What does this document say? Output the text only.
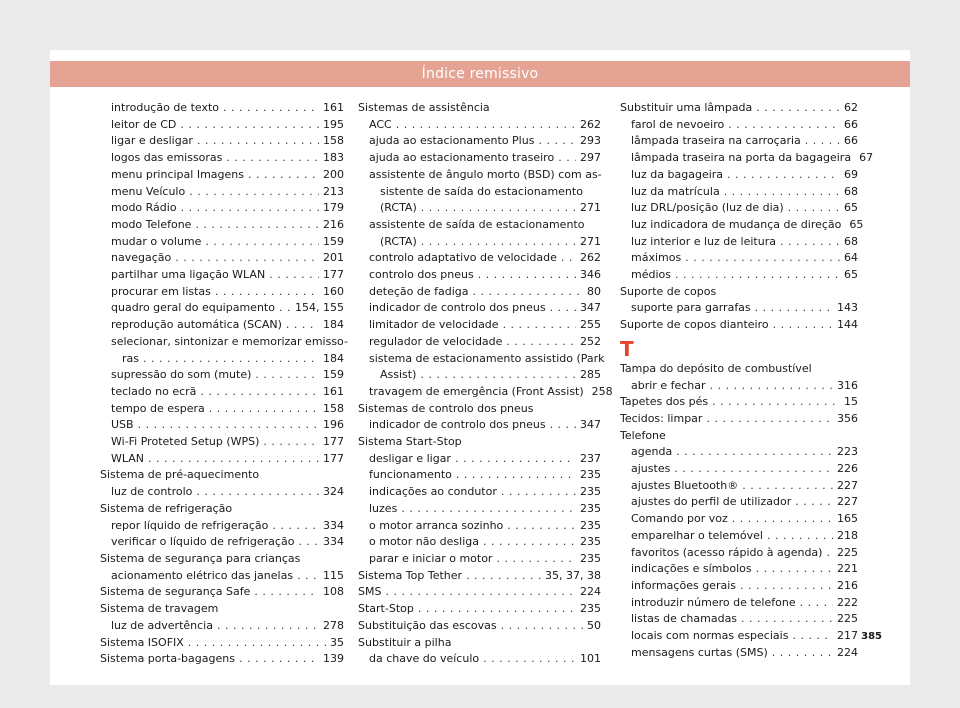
Índice remissivo
introdução de texto . . .	161
leitor de CD . . .	195
ligar e desligar . . .	158
logos das emissoras . . .	183
menu principal Imagens . . .	200
menu Veículo . . .	213
modo Rádio . . .	179
modo Telefone . . .	216
mudar o volume . . .	159
navegação . . .	201
partilhar uma ligação WLAN . . .	177
procurar em listas . . .	160
quadro geral do equipamento . . . 154, 155
reprodução automática (SCAN) . . .	184
selecionar, sintonizar e memorizar emisso-
ras . . .	184
supressão do som (mute) . . .	159
teclado no ecrã . . .	161
tempo de espera . . .	158
USB . . .	196
Wi-Fi Proteted Setup (WPS) . . .	177
WLAN . . .	177
Sistema de pré-aquecimento
luz de controlo . . .	324
Sistema de refrigeração
repor líquido de refrigeração . . .	334
verificar o líquido de refrigeração . . .	334
Sistema de segurança para crianças
acionamento elétrico das janelas . . .	115
Sistema de segurança Safe . . .	108
Sistema de travagem
luz de advertência . . .	278
Sistema ISOFIX . . .	35
Sistema porta-bagagens . . .	139
Sistemas de assistência
ACC . . .	262
ajuda ao estacionamento Plus . . .	293
ajuda ao estacionamento traseiro . . . 297
assistente de ângulo morto (BSD) com as-
sistente de saída do estacionamento
(RCTA) . . .	271
assistente de saída de estacionamento
(RCTA) . . .	271
controlo adaptativo de velocidade . . . 262
controlo dos pneus . . .	346
deteção de fadiga . . .	80
indicador de controlo dos pneus . . .	347
limitador de velocidade . . .	255
regulador de velocidade . . .	252
sistema de estacionamento assistido (Park
Assist) . . .	285
travagem de emergência (Front Assist) 258
Sistemas de controlo dos pneus
indicador de controlo dos pneus . . .	347
Sistema Start-Stop
desligar e ligar . . .	237
funcionamento . . .	235
indicações ao condutor . . .	235
luzes . . .	235
o motor arranca sozinho . . .	235
o motor não desliga . . .	235
parar e iniciar o motor . . .	235
Sistema Top Tether . . .	35, 37, 38
SMS . . .	224
Start-Stop . . .	235
Substituição das escovas . . .	50
Substituir a pilha
da chave do veículo . . .	101
Substituir uma lâmpada . . .	62
farol de nevoeiro . . .	66
lâmpada traseira na carroçaria . . .	66
lâmpada traseira na porta da bagageira 67
luz da bagageira . . .	69
luz da matrícula . . .	68
luz DRL/posição (luz de dia) . . .	65
luz indicadora de mudança de direção 65
luz interior e luz de leitura . . .	68
máximos . . .	64
médios . . .	65
Suporte de copos
suporte para garrafas . . .	143
Suporte de copos dianteiro . . .	144
T
Tampa do depósito de combustível
abrir e fechar . . .	316
Tapetes dos pés . . .	15
Tecidos: limpar . . .	356
Telefone
agenda . . .	223
ajustes . . .	226
ajustes Bluetooth® . . .	227
ajustes do perfil de utilizador . . .	227
Comando por voz . . .	165
emparelhar o telemóvel . . .	218
favoritos (acesso rápido à agenda) . . . 225
indicações e símbolos . . .	221
informações gerais . . .	216
introduzir número de telefone . . .	222
listas de chamadas . . .	225
locais com normas especiais . . .	217
mensagens curtas (SMS) . . .	224
385
